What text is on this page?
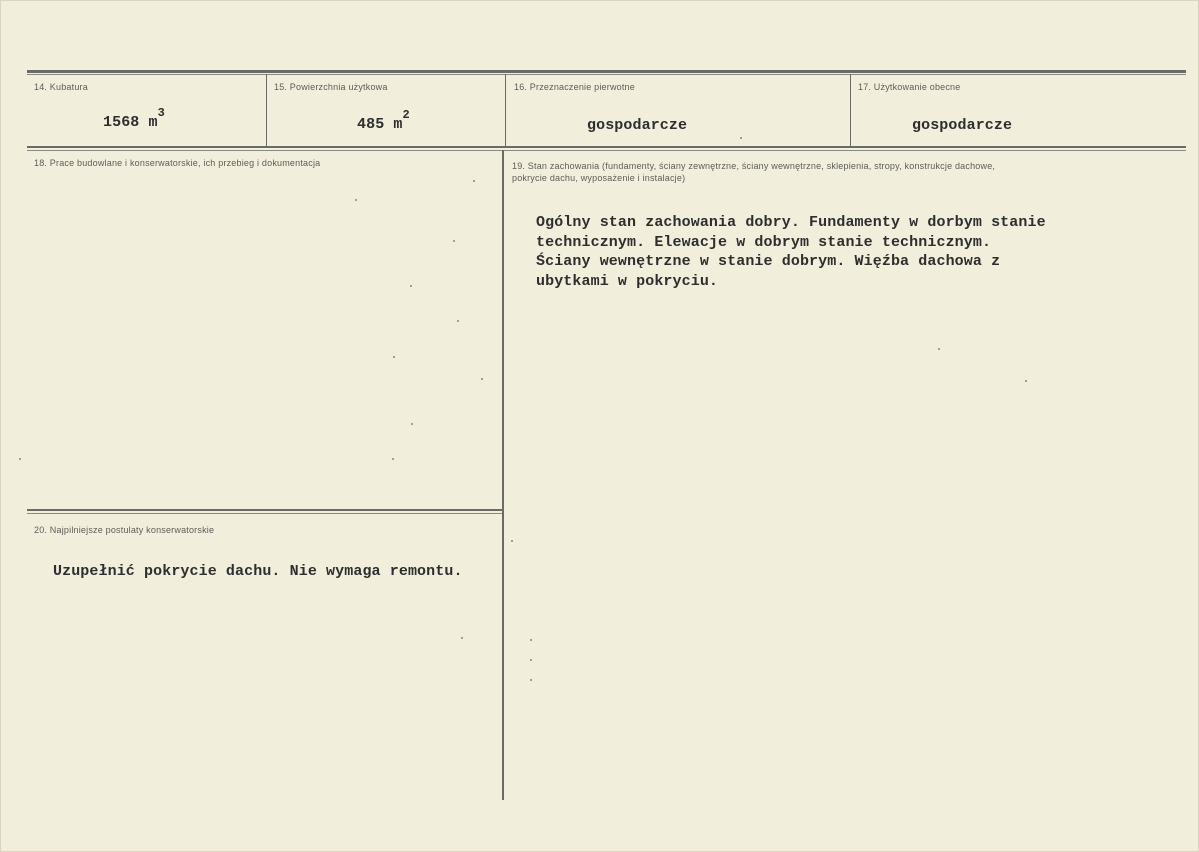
14. Kubatura
1568 $m^3$
15. Powierzchnia użytkowa
485 $m^2$
16. Przeznaczenie pierwotne
gospodarcze
17. Użytkowanie obecne
gospodarcze
18. Prace budowlane i konserwatorskie, ich przebieg i dokumentacja	19. Stan zachowania (fundamenty, ściany zewnętrzne, ściany wewnętrzne, sklepienia, stropy, konstrukcje dachowe, pokrycie dachu, wyposażenie i instalacje)
Ogólny stan zachowania dobry. Fundamenty w dorbym stanie
technicznym. Elewacje w dobrym stanie technicznym.
Ściany wewnętrzne w stanie dobrym. Więźba dachowa z
ubytkami w pokryciu.
20. Najpilniejsze postulaty konserwatorskie
Uzupełnić pokrycie dachu. Nie wymaga remontu.
